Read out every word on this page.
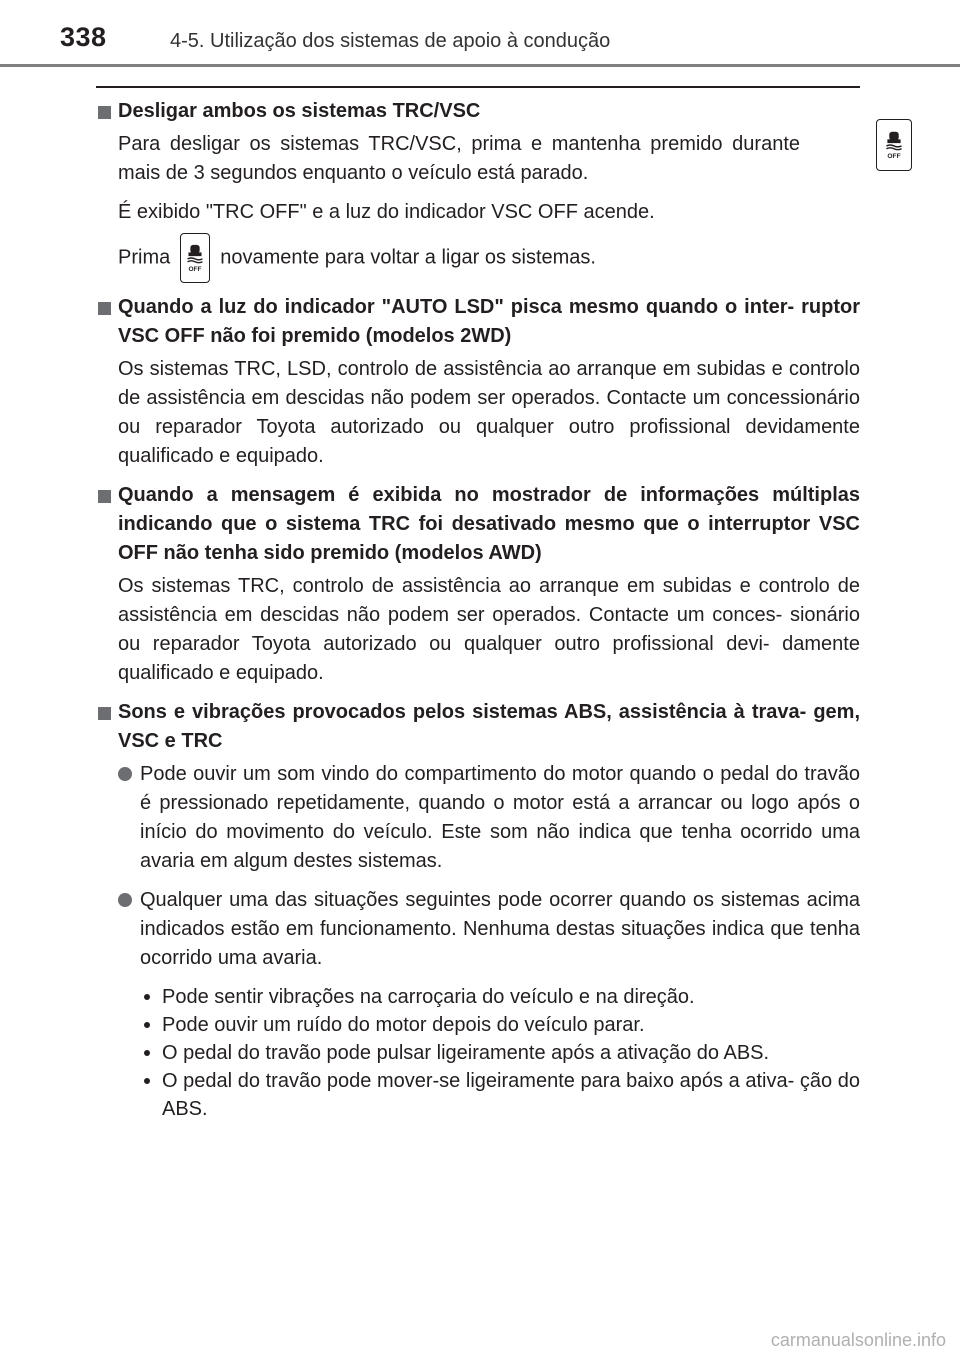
338	4-5. Utilização dos sistemas de apoio à condução

Desligar ambos os sistemas TRC/VSC

OFF

Para desligar os sistemas TRC/VSC, prima e mantenha premido durante mais de 3 segundos enquanto o veículo está parado.

É exibido "TRC OFF" e a luz do indicador VSC OFF acende.

Prima
OFF
novamente para voltar a ligar os sistemas.

Quando a luz do indicador "AUTO LSD" pisca mesmo quando o inter- ruptor VSC OFF não foi premido (modelos 2WD)

Os sistemas TRC, LSD, controlo de assistência ao arranque em subidas e controlo de assistência em descidas não podem ser operados. Contacte um concessionário ou reparador Toyota autorizado ou qualquer outro profissional devidamente qualificado e equipado.

Quando a mensagem é exibida no mostrador de informações múltiplas indicando que o sistema TRC foi desativado mesmo que o interruptor VSC OFF não tenha sido premido (modelos AWD)

Os sistemas TRC, controlo de assistência ao arranque em subidas e controlo de assistência em descidas não podem ser operados. Contacte um conces- sionário ou reparador Toyota autorizado ou qualquer outro profissional devi- damente qualificado e equipado.

Sons e vibrações provocados pelos sistemas ABS, assistência à trava- gem, VSC e TRC

Pode ouvir um som vindo do compartimento do motor quando o pedal do travão é pressionado repetidamente, quando o motor está a arrancar ou logo após o início do movimento do veículo. Este som não indica que tenha ocorrido uma avaria em algum destes sistemas.
Qualquer uma das situações seguintes pode ocorrer quando os sistemas acima indicados estão em funcionamento. Nenhuma destas situações indica que tenha ocorrido uma avaria.
Pode sentir vibrações na carroçaria do veículo e na direção.
Pode ouvir um ruído do motor depois do veículo parar.
O pedal do travão pode pulsar ligeiramente após a ativação do ABS.
O pedal do travão pode mover-se ligeiramente para baixo após a ativa- ção do ABS.
carmanualsonline.info
